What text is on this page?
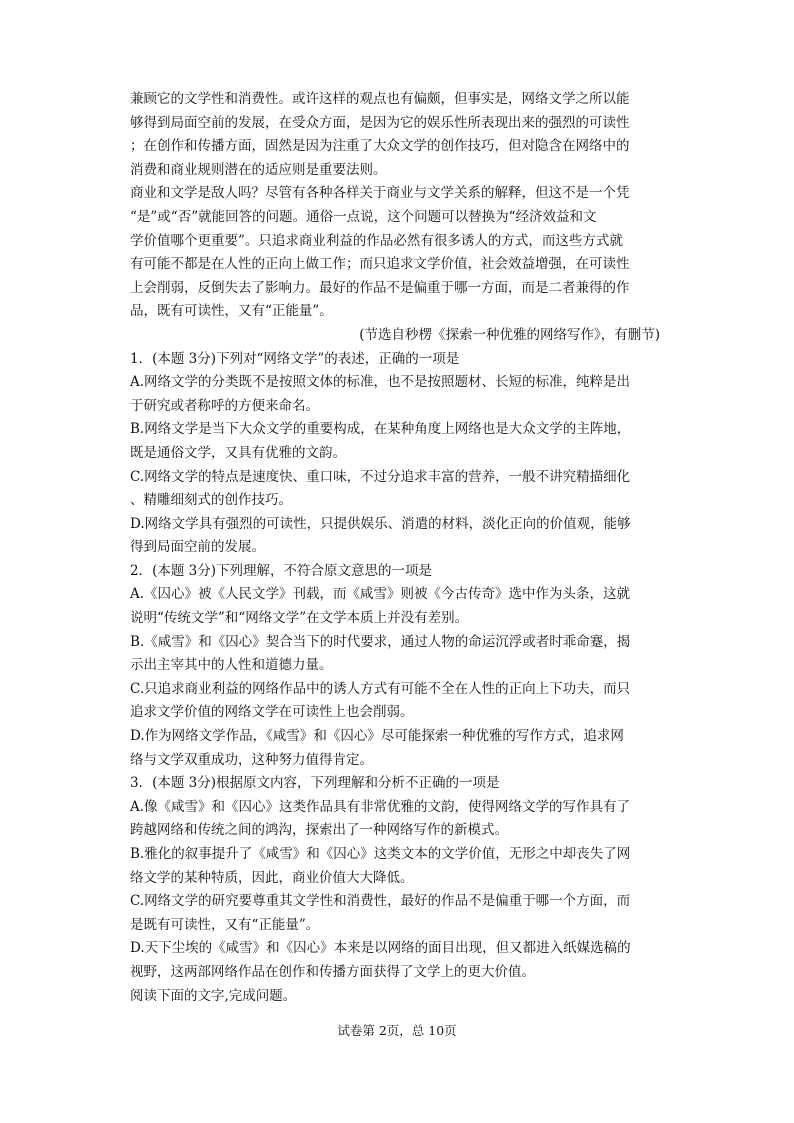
兼顾它的文学性和消费性。或许这样的观点也有偏颇，但事实是，网络文学之所以能
够得到局面空前的发展，在受众方面，是因为它的娱乐性所表现出来的强烈的可读性
；在创作和传播方面，固然是因为注重了大众文学的创作技巧，但对隐含在网络中的
消费和商业规则潜在的适应则是重要法则。

商业和文学是敌人吗？尽管有各种各样关于商业与文学关系的解释，但这不是一个凭
“是”或“否”就能回答的问题。通俗一点说，这个问题可以替换为“经济效益和文
学价值哪个更重要”。只追求商业利益的作品必然有很多诱人的方式，而这些方式就
有可能不都是在人性的正向上做工作；而只追求文学价值，社会效益增强，在可读性
上会削弱，反倒失去了影响力。最好的作品不是偏重于哪一方面，而是二者兼得的作
品，既有可读性，又有“正能量”。

(节选自秒楞《探索一种优雅的网络写作》，有删节)

1．(本题 3分)下列对“网络文学”的表述，正确的一项是

A.网络文学的分类既不是按照文体的标准，也不是按照题材、长短的标准，纯粹是出
于研究或者称呼的方便来命名。

B.网络文学是当下大众文学的重要构成，在某种角度上网络也是大众文学的主阵地，
既是通俗文学，又具有优雅的文韵。

C.网络文学的特点是速度快、重口味，不过分追求丰富的营养，一般不讲究精描细化
、精雕细刻式的创作技巧。

D.网络文学具有强烈的可读性，只提供娱乐、消遣的材料，淡化正向的价值观，能够
得到局面空前的发展。

2．(本题 3分)下列理解，不符合原文意思的一项是

A.《囚心》被《人民文学》刊载，而《咸雪》则被《今古传奇》选中作为头条，这就
说明“传统文学”和“网络文学”在文学本质上并没有差别。

B.《咸雪》和《囚心》契合当下的时代要求，通过人物的命运沉浮或者时乖命蹇，揭
示出主宰其中的人性和道德力量。

C.只追求商业利益的网络作品中的诱人方式有可能不全在人性的正向上下功夫，而只
追求文学价值的网络文学在可读性上也会削弱。

D.作为网络文学作品，《咸雪》和《囚心》尽可能探索一种优雅的写作方式，追求网
络与文学双重成功，这种努力值得肯定。

3．(本题 3分)根据原文内容，下列理解和分析不正确的一项是

A.像《咸雪》和《囚心》这类作品具有非常优雅的文韵，使得网络文学的写作具有了
跨越网络和传统之间的鸿沟，探索出了一种网络写作的新模式。

B.雅化的叙事提升了《咸雪》和《囚心》这类文本的文学价值，无形之中却丧失了网
络文学的某种特质，因此，商业价值大大降低。

C.网络文学的研究要尊重其文学性和消费性，最好的作品不是偏重于哪一个方面，而
是既有可读性，又有“正能量”。

D.天下尘埃的《咸雪》和《囚心》本来是以网络的面目出现，但又都进入纸媒选稿的
视野，这两部网络作品在创作和传播方面获得了文学上的更大价值。

阅读下面的文字,完成问题。

试卷第 2页，总 10页
